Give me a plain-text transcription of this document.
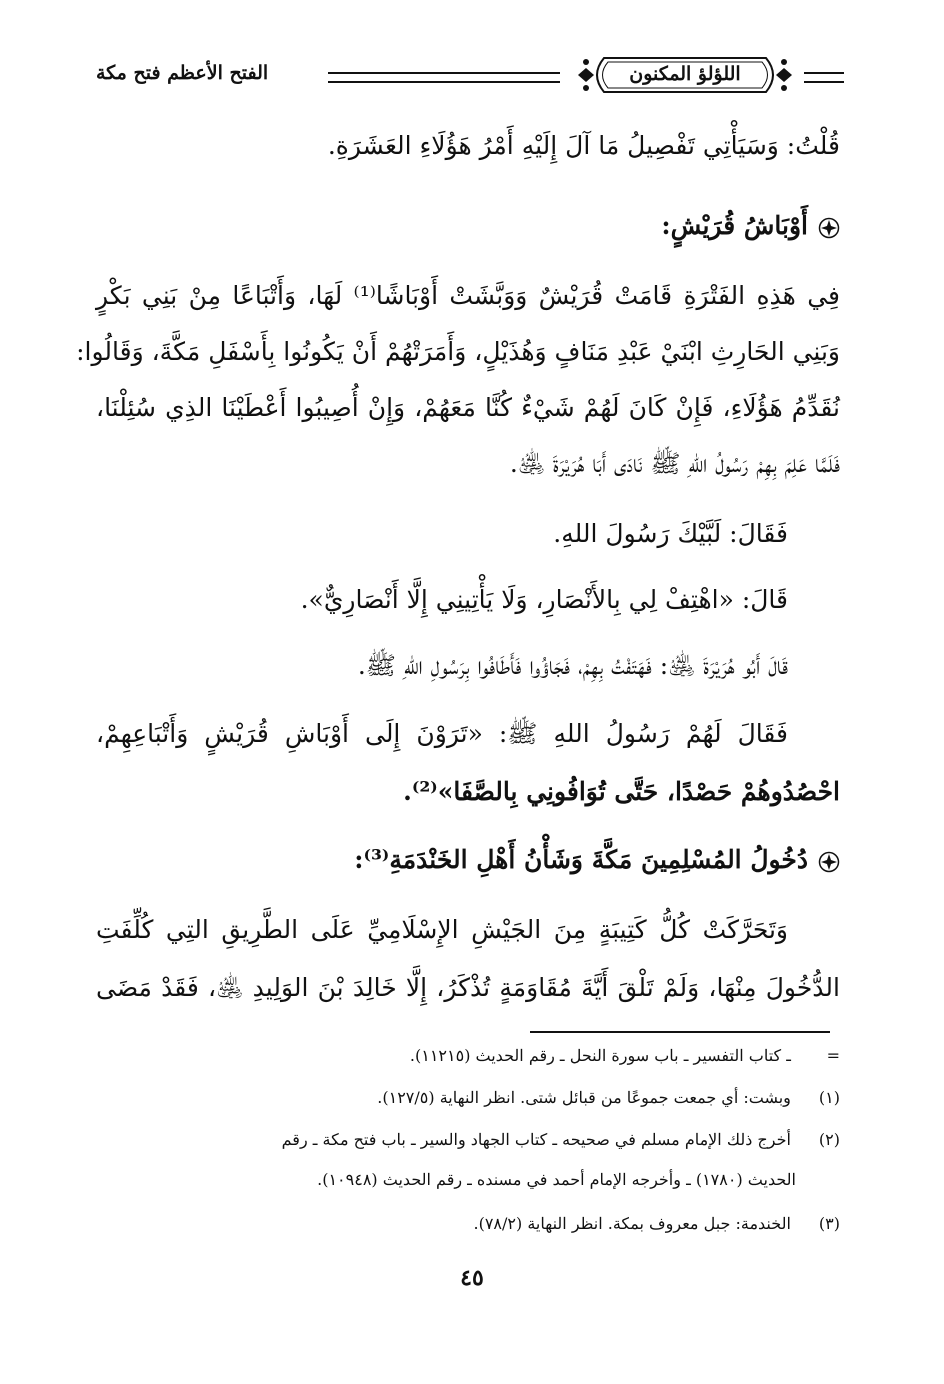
الفتح الأعظم فتح مكة	اللؤلؤ المكنون
قُلْتُ: وَسَيَأْتِي تَفْصِيلُ مَا آلَ إِلَيْهِ أَمْرُ هَؤُلَاءِ العَشَرَةِ.
أَوْبَاشُ قُرَيْشٍ:
فِي هَذِهِ الفَتْرَةِ قَامَتْ قُرَيْشٌ وَوَبَّشَتْ أَوْبَاشًا⁽¹⁾ لَهَا، وَأَتْبَاعًا مِنْ بَنِي بَكْرٍ
وَبَنِي الحَارِثِ ابْنَيْ عَبْدِ مَنَافٍ وَهُذَيْلٍ، وَأَمَرَتْهُمْ أَنْ يَكُونُوا بِأَسْفَلِ مَكَّةَ، وَقَالُوا:
نُقَدِّمُ هَؤُلَاءِ، فَإِنْ كَانَ لَهُمْ شَيْءٌ كُنَّا مَعَهُمْ، وَإِنْ أُصِيبُوا أَعْطَيْنَا الذِي سُئِلْنَا،
فَلَمَّا عَلِمَ بِهِمْ رَسُولُ اللهِ ﷺ نَادَى أَبَا هُرَيْرَةَ ﵁.
فَقَالَ: لَبَّيْكَ رَسُولَ اللهِ.
قَالَ: «اهْتِفْ لِي بِالأَنْصَارِ، وَلَا يَأْتِينِي إِلَّا أَنْصَارِيٌّ».
قَالَ أَبُو هُرَيْرَةَ ﵁: فَهَتَفْتُ بِهِمْ، فَجَاؤُوا فَأَطَافُوا بِرَسُولِ اللهِ ﷺ.
فَقَالَ لَهُمْ رَسُولُ اللهِ ﷺ: «تَرَوْنَ إِلَى أَوْبَاشِ قُرَيْشٍ وَأَتْبَاعِهِمْ،
احْصُدُوهُمْ حَصْدًا، حَتَّى تُوَافُونِي بِالصَّفَا»⁽²⁾.
دُخُولُ المُسْلِمِينَ مَكَّةَ وَشَأْنُ أَهْلِ الخَنْدَمَةِ⁽³⁾:
وَتَحَرَّكَتْ كُلُّ كَتِيبَةٍ مِنَ الجَيْشِ الإِسْلَامِيِّ عَلَى الطَّرِيقِ التِي كُلِّفَتِ
الدُّخُولَ مِنْهَا، وَلَمْ تَلْقَ أَيَّةَ مُقَاوَمَةٍ تُذْكَرُ، إِلَّا خَالِدَ بْنَ الوَلِيدِ ﵁، فَقَدْ مَضَى
= ـ كتاب التفسير ـ باب سورة النحل ـ رقم الحديث (١١٢١٥).
(١) وبشت: أي جمعت جموعًا من قبائل شتى. انظر النهاية (١٢٧/٥).
(٢) أخرج ذلك الإمام مسلم في صحيحه ـ كتاب الجهاد والسير ـ باب فتح مكة ـ رقم
الحديث (١٧٨٠) ـ وأخرجه الإمام أحمد في مسنده ـ رقم الحديث (١٠٩٤٨).
(٣) الخندمة: جبل معروف بمكة. انظر النهاية (٧٨/٢).
٤٥
